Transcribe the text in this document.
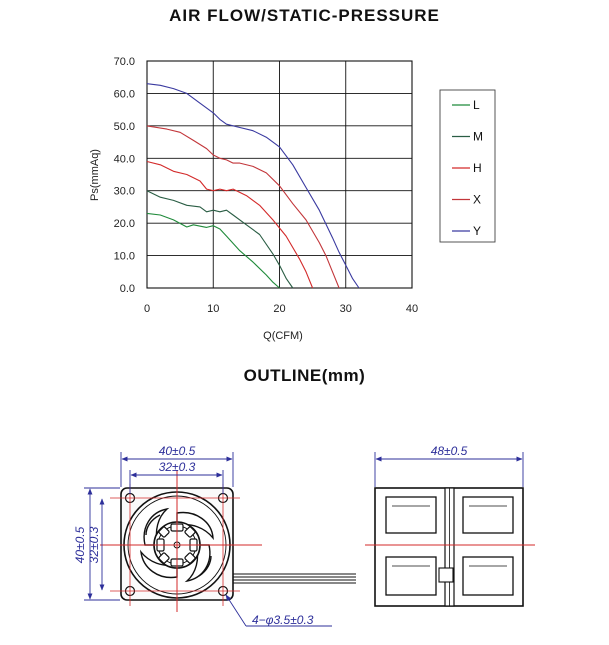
AIR FLOW/STATIC-PRESSURE
0	10	20	30	40
0.0
10.0
20.0
30.0
40.0
50.0
60.0
70.0
Q(CFM)
Ps(mmAq)
L
M
H
X
Y
OUTLINE(mm)
40±0.5
32±0.3
40±0.5 32±0.3
4−φ3.5±0.3
48±0.5
